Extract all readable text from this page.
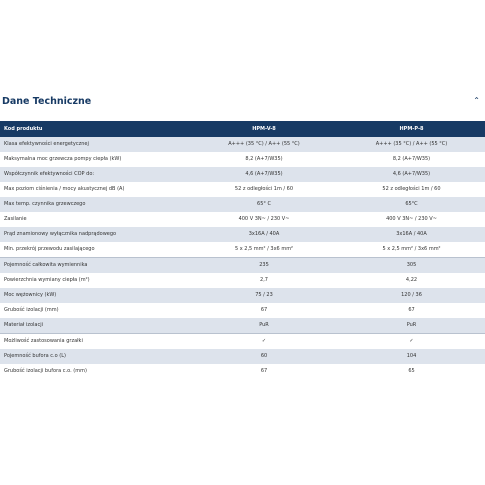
Dane Techniczne	⌃
Kod produktu	HPM-V-8	HPM-P-8
Klasa efektywności energetycznej	A+++ (35 °C) / A++ (55 °C)	A+++ (35 °C) / A++ (55 °C)
Maksymalna moc grzewcza pompy ciepła (kW)	8,2 (A+7/W35)	8,2 (A+7/W35)
Współczynnik efektywności COP do:	4,6 (A+7/W35)	4,6 (A+7/W35)
Max poziom ciśnienia / mocy akustycznej dB (A)	52 z odległości 1m / 60	52 z odległości 1m / 60
Max temp. czynnika grzewczego	65° C	65°C
Zasilanie	400 V 3N~ / 230 V~	400 V 3N~ / 230 V~
Prąd znamionowy wyłącznika nadprądowego	3x16A / 40A	3x16A / 40A
Min. przekrój przewodu zasilającego	5 x 2,5 mm² / 3x6 mm²	5 x 2,5 mm² / 3x6 mm²
Pojemność całkowita wymiennika	235	305
Powierzchnia wymiany ciepła (m²)	2,7	4,22
Moc wężownicy (kW)	75 / 23	120 / 36
Grubość izolacji (mm)	67	67
Materiał izolacji	PuR	PuR
Możliwość zastosowania grzałki	✓	✓
Pojemność bufora c.o (L)	60	104
Grubość izolacji bufora c.o. (mm)	67	65
